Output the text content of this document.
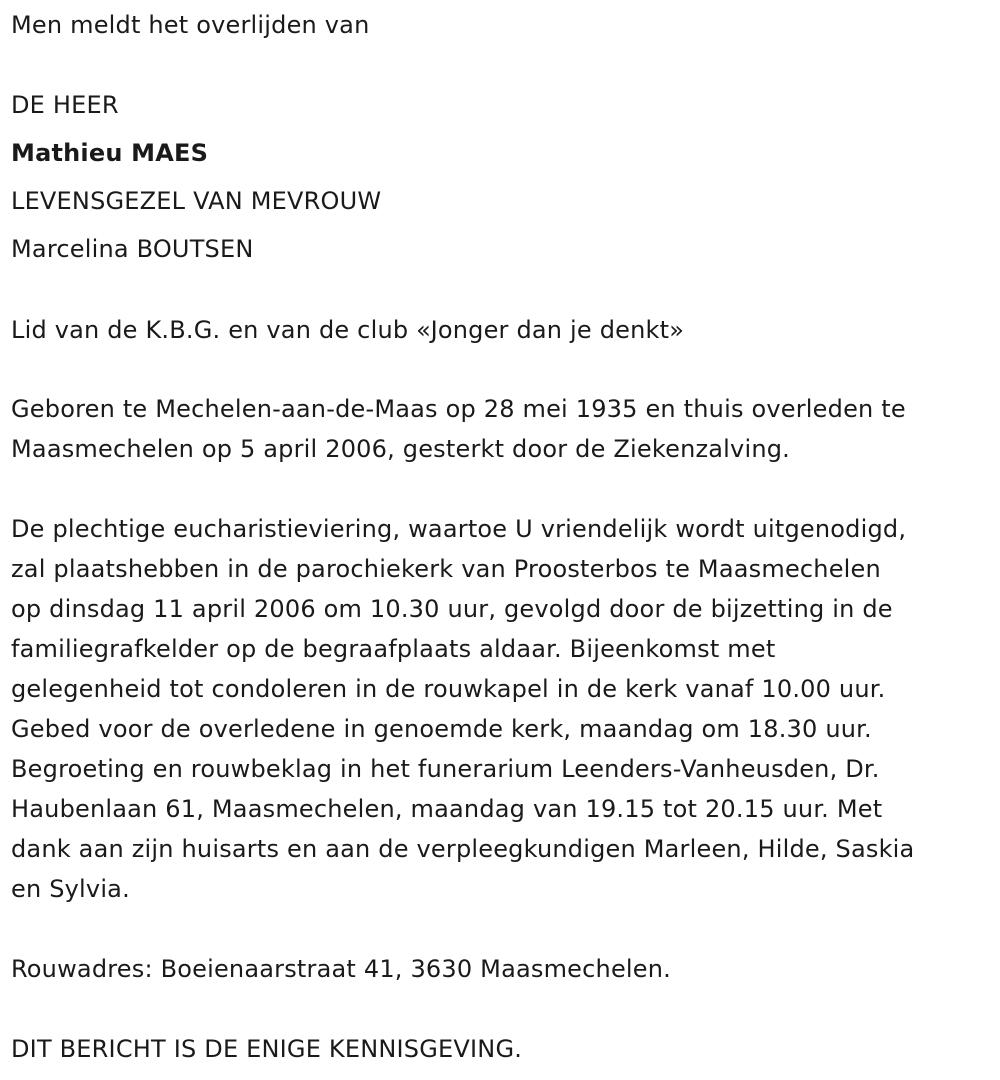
Men meldt het overlijden van
DE HEER
Mathieu MAES
LEVENSGEZEL VAN MEVROUW
Marcelina BOUTSEN
Lid van de K.B.G. en van de club «Jonger dan je denkt»
Geboren te Mechelen-aan-de-Maas op 28 mei 1935 en thuis overleden te
Maasmechelen op 5 april 2006, gesterkt door de Ziekenzalving.
De plechtige eucharistieviering, waartoe U vriendelijk wordt uitgenodigd,
zal plaatshebben in de parochiekerk van Proosterbos te Maasmechelen
op dinsdag 11 april 2006 om 10.30 uur, gevolgd door de bijzetting in de
familiegrafkelder op de begraafplaats aldaar. Bijeenkomst met
gelegenheid tot condoleren in de rouwkapel in de kerk vanaf 10.00 uur.
Gebed voor de overledene in genoemde kerk, maandag om 18.30 uur.
Begroeting en rouwbeklag in het funerarium Leenders-Vanheusden, Dr.
Haubenlaan 61, Maasmechelen, maandag van 19.15 tot 20.15 uur. Met
dank aan zijn huisarts en aan de verpleegkundigen Marleen, Hilde, Saskia
en Sylvia.
Rouwadres: Boeienaarstraat 41, 3630 Maasmechelen.
DIT BERICHT IS DE ENIGE KENNISGEVING.
